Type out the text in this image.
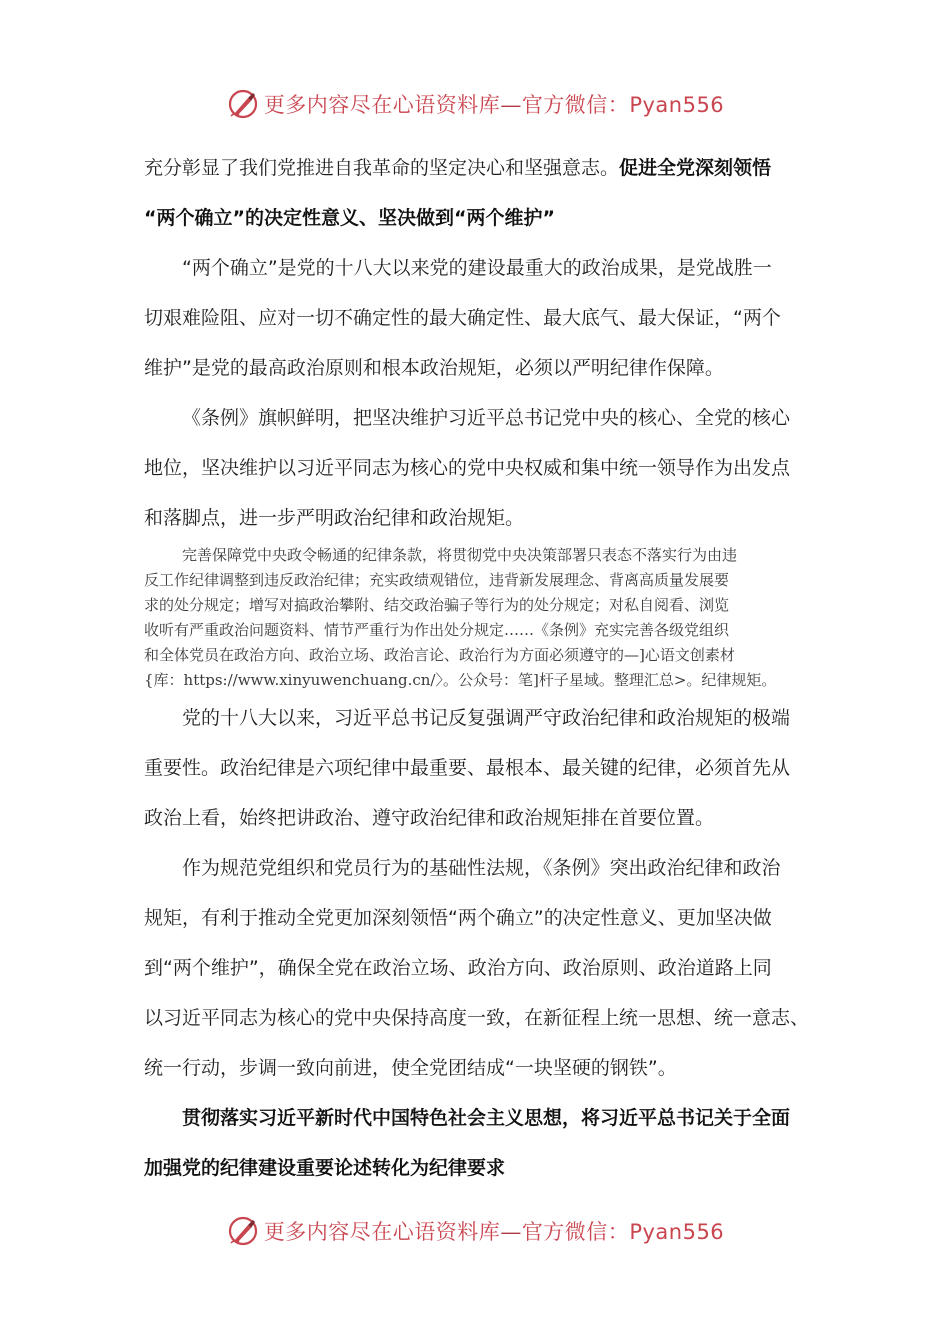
更多内容尽在心语资料库—官方微信：Pyan556
充分彰显了我们党推进自我革命的坚定决心和坚强意志。促进全党深刻领悟
“两个确立”的决定性意义、坚决做到“两个维护”
“两个确立”是党的十八大以来党的建设最重大的政治成果，是党战胜一
切艰难险阻、应对一切不确定性的最大确定性、最大底气、最大保证，“两个
维护”是党的最高政治原则和根本政治规矩，必须以严明纪律作保障。
《条例》旗帜鲜明，把坚决维护习近平总书记党中央的核心、全党的核心
地位，坚决维护以习近平同志为核心的党中央权威和集中统一领导作为出发点
和落脚点，进一步严明政治纪律和政治规矩。
完善保障党中央政令畅通的纪律条款，将贯彻党中央决策部署只表态不落实行为由违
反工作纪律调整到违反政治纪律；充实政绩观错位，违背新发展理念、背离高质量发展要
求的处分规定；增写对搞政治攀附、结交政治骗子等行为的处分规定；对私自阅看、浏览
收听有严重政治问题资料、情节严重行为作出处分规定……《条例》充实完善各级党组织
和全体党员在政治方向、政治立场、政治言论、政治行为方面必须遵守的—]心语文创素材
{库：https://www.xinyuwenchuang.cn/〉。公众号：笔]杆子星域。整理汇总>。纪律规矩。
党的十八大以来，习近平总书记反复强调严守政治纪律和政治规矩的极端
重要性。政治纪律是六项纪律中最重要、最根本、最关键的纪律，必须首先从
政治上看，始终把讲政治、遵守政治纪律和政治规矩排在首要位置。
作为规范党组织和党员行为的基础性法规，《条例》突出政治纪律和政治
规矩，有利于推动全党更加深刻领悟“两个确立”的决定性意义、更加坚决做
到“两个维护”，确保全党在政治立场、政治方向、政治原则、政治道路上同
以习近平同志为核心的党中央保持高度一致，在新征程上统一思想、统一意志、
统一行动，步调一致向前进，使全党团结成“一块坚硬的钢铁”。
贯彻落实习近平新时代中国特色社会主义思想，将习近平总书记关于全面
加强党的纪律建设重要论述转化为纪律要求
更多内容尽在心语资料库—官方微信：Pyan556
